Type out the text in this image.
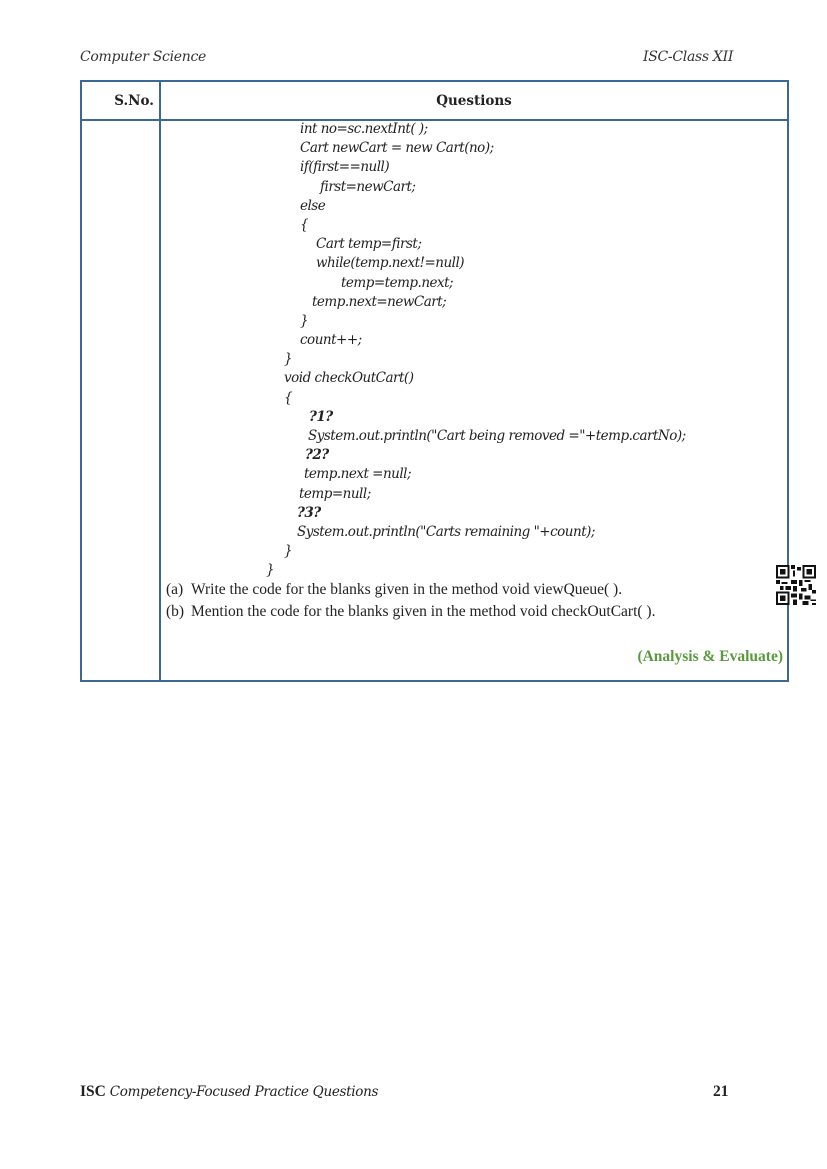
Computer Science	ISC-Class XII
S.No.	Questions
int no=sc.nextInt( );
Cart newCart = new Cart(no);
if(first==null)
first=newCart;
else
{
Cart temp=first;
while(temp.next!=null)
temp=temp.next;
temp.next=newCart;
}
count++;
}
void checkOutCart()
{
?1?
System.out.println("Cart being removed ="+temp.cartNo);
?2?
temp.next =null;
temp=null;
?3?
System.out.println("Carts remaining "+count);
}
}
(a) Write the code for the blanks given in the method void viewQueue( ).
(b) Mention the code for the blanks given in the method void checkOutCart( ).
(Analysis & Evaluate)
ISC Competency-Focused Practice Questions	21
